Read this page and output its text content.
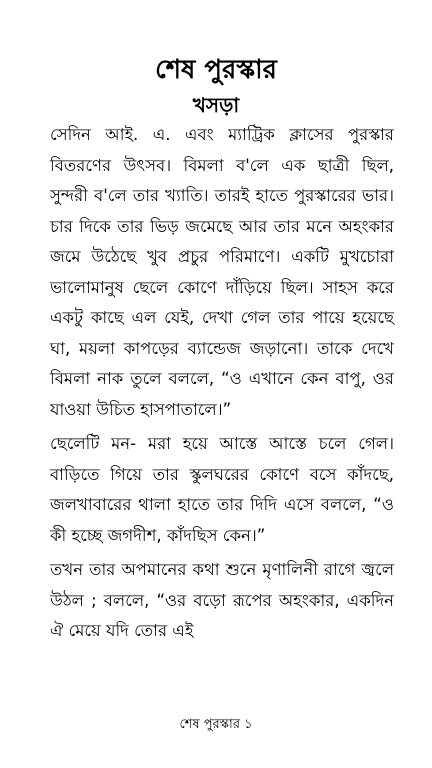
শেষ পুরস্কার
খসড়া

সেদিন আই. এ. এবং ম্যাট্রিক ক্লাসের পুরস্কার বিতরণের উৎসব। বিমলা ব'লে এক ছাত্রী ছিল, সুন্দরী ব'লে তার খ্যাতি। তারই হাতে পুরস্কারের ভার। চার দিকে তার ভিড় জমেছে আর তার মনে অহংকার জমে উঠেছে খুব প্রচুর পরিমাণে। একটি মুখচোরা ভালোমানুষ ছেলে কোণে দাঁড়িয়ে ছিল। সাহস করে একটু কাছে এল যেই, দেখা গেল তার পায়ে হয়েছে ঘা, ময়লা কাপড়ের ব্যান্ডেজ জড়ানো। তাকে দেখে বিমলা নাক তুলে বললে, “ও এখানে কেন বাপু, ওর যাওয়া উচিত হাসপাতালে।”

ছেলেটি মন- মরা হয়ে আস্তে আস্তে চলে গেল। বাড়িতে গিয়ে তার স্কুলঘরের কোণে বসে কাঁদছে, জলখাবারের থালা হাতে তার দিদি এসে বললে, “ও কী হচ্ছে জগদীশ, কাঁদছিস কেন।”

তখন তার অপমানের কথা শুনে মৃণালিনী রাগে জ্বলে উঠল ; বললে, “ওর বড়ো রূপের অহংকার, একদিন ঐ মেয়ে যদি তোর এই

শেষ পুরস্কার ১
